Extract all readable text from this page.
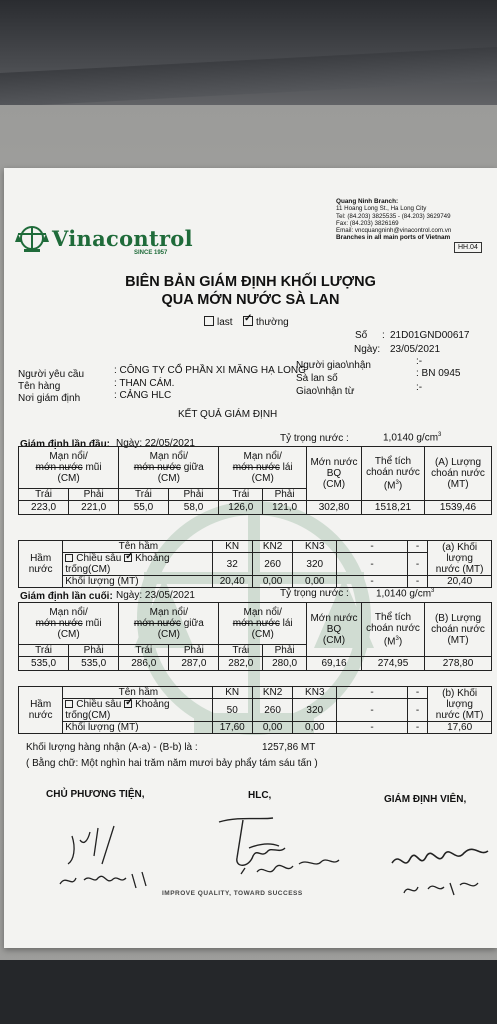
Vinacontrol
SINCE 1957
Quang Ninh Branch:
11 Hoang Long St., Ha Long City
Tel: (84.203) 3825535 - (84.203) 3629749
Fax: (84.203) 3826169
Email: vncquangninh@vinacontrol.com.vn
Branches in all main ports of Vietnam
HH.04
BIÊN BẢN GIÁM ĐỊNH KHỐI LƯỢNG
QUA MỚN NƯỚC SÀ LAN
last ✓	thường
Số : 21D01GND00617
Ngày: 23/05/2021
Người yêu cầu	: CÔNG TY CỔ PHẦN XI MĂNG HẠ LONG
Tên hàng	: THAN CÁM.
Nơi giám định	: CẢNG HLC
Người giao\nhận	:-
Sà lan số	: BN 0945
Giao\nhận từ	:-
KẾT QUẢ GIÁM ĐỊNH
Giám định lần đầu: Ngày: 22/05/2021	Tỷ trọng nước :	1,0140 $g/cm^3$
Mạn nổi/
mớn nước mũi
(CM)		Mạn nổi/
mớn nước giữa
(CM)		Mạn nổi/
mớn nước lái
(CM)		Mớn nước
BQ
(CM)	Thể tích
choán nước
$(M^3)$	(A) Lượng
choán nước
(MT)
Trái	Phải	Trái	Phải	Trái	Phải			
223,0	221,0	55,0	58,0	126,0	121,0	302,80	1518,21	1539,46
Hầm
nước	Tên hầm	KN	KN2	KN3	-	-	(a) Khối lượng
nước (MT)
	Chiều sâu ✓ Khoảng trống(CM)	32	260	320	-	-	
	Khối lượng (MT)	20,40	0,00	0,00	-	-	20,40
Giám định lần cuối: Ngày: 23/05/2021	Tỷ trọng nước :	1,0140 $g/cm^3$
Mạn nổi/
mớn nước mũi
(CM)		Mạn nổi/
mớn nước giữa
(CM)		Mạn nổi/
mớn nước lái
(CM)		Mớn nước
BQ
(CM)	Thể tích
choán nước
$(M^3)$	(B) Lượng
choán nước
(MT)
Trái	Phải	Trái	Phải	Trái	Phải			
535,0	535,0	286,0	287,0	282,0	280,0	69,16	274,95	278,80
Hầm
nước	Tên hầm	KN	KN2	KN3	-	-	(b) Khối lượng
nước (MT)
	Chiều sâu ✓ Khoảng trống(CM)	50	260	320	-	-	
	Khối lượng (MT)	17,60	0,00	0,00	-	-	17,60
Khối lượng hàng nhận (A-a) - (B-b) là :	1257,86 MT
( Bằng chữ: Một nghìn hai trăm năm mươi bảy phẩy tám sáu tấn )
CHỦ PHƯƠNG TIỆN,	HLC,	GIÁM ĐỊNH VIÊN,
IMPROVE QUALITY, TOWARD SUCCESS
